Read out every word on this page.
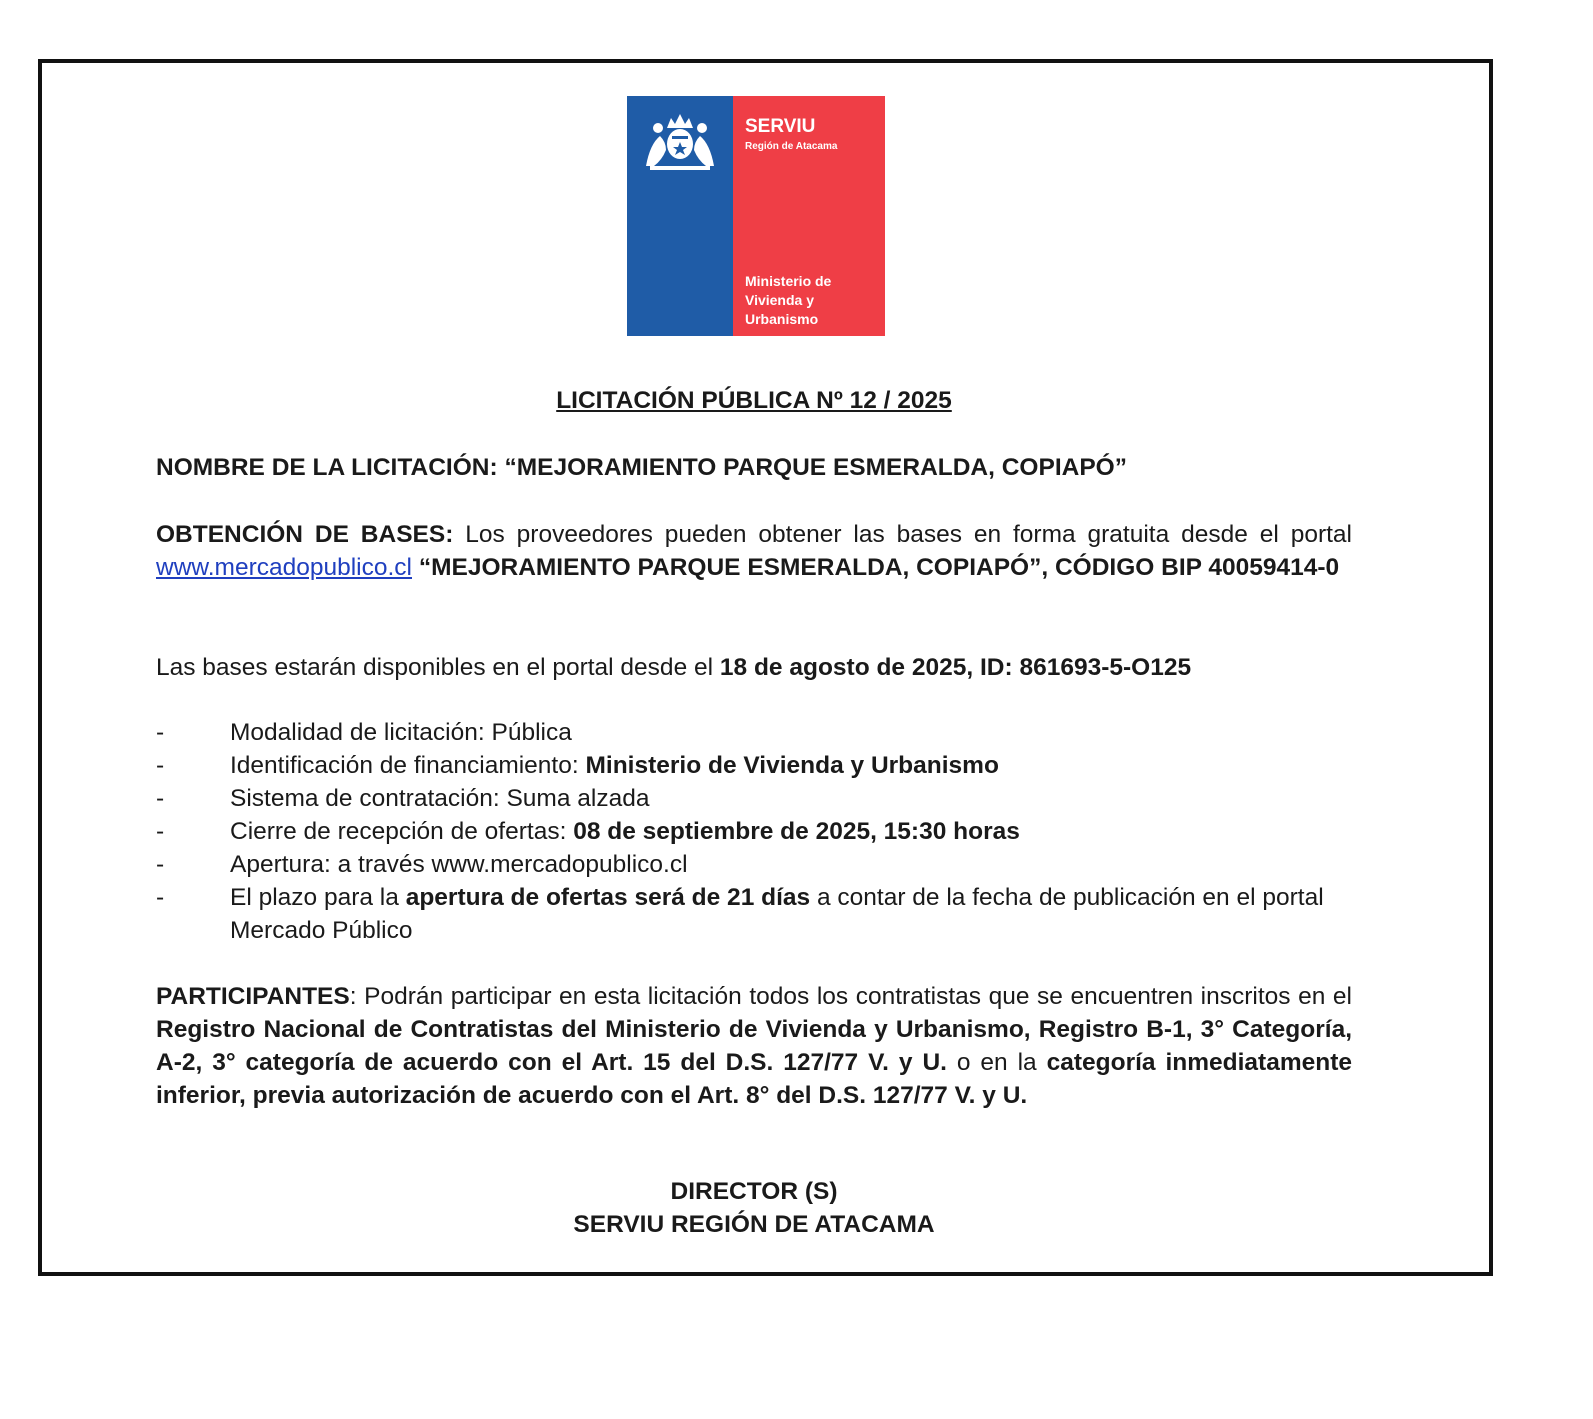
SERVIU
Región de Atacama
Ministerio de Vivienda y Urbanismo
LICITACIÓN PÚBLICA Nº 12 / 2025
NOMBRE DE LA LICITACIÓN: “MEJORAMIENTO PARQUE ESMERALDA, COPIAPÓ”
OBTENCIÓN DE BASES: Los proveedores pueden obtener las bases en forma gratuita desde el portal www.mercadopublico.cl “MEJORAMIENTO PARQUE ESMERALDA, COPIAPÓ”, CÓDIGO BIP 40059414-0
Las bases estarán disponibles en el portal desde el 18 de agosto de 2025, ID: 861693-5-O125
-	Modalidad de licitación: Pública
-	Identificación de financiamiento: Ministerio de Vivienda y Urbanismo
-	Sistema de contratación: Suma alzada
-	Cierre de recepción de ofertas: 08 de septiembre de 2025, 15:30 horas
-	Apertura: a través www.mercadopublico.cl
-	El plazo para la apertura de ofertas será de 21 días a contar de la fecha de publicación en el portal Mercado Público
PARTICIPANTES: Podrán participar en esta licitación todos los contratistas que se encuentren inscritos en el Registro Nacional de Contratistas del Ministerio de Vivienda y Urbanismo, Registro B-1, 3° Categoría, A-2, 3° categoría de acuerdo con el Art. 15 del D.S. 127/77 V. y U. o en la categoría inmediatamente inferior, previa autorización de acuerdo con el Art. 8° del D.S. 127/77 V. y U.
DIRECTOR (S)
SERVIU REGIÓN DE ATACAMA
